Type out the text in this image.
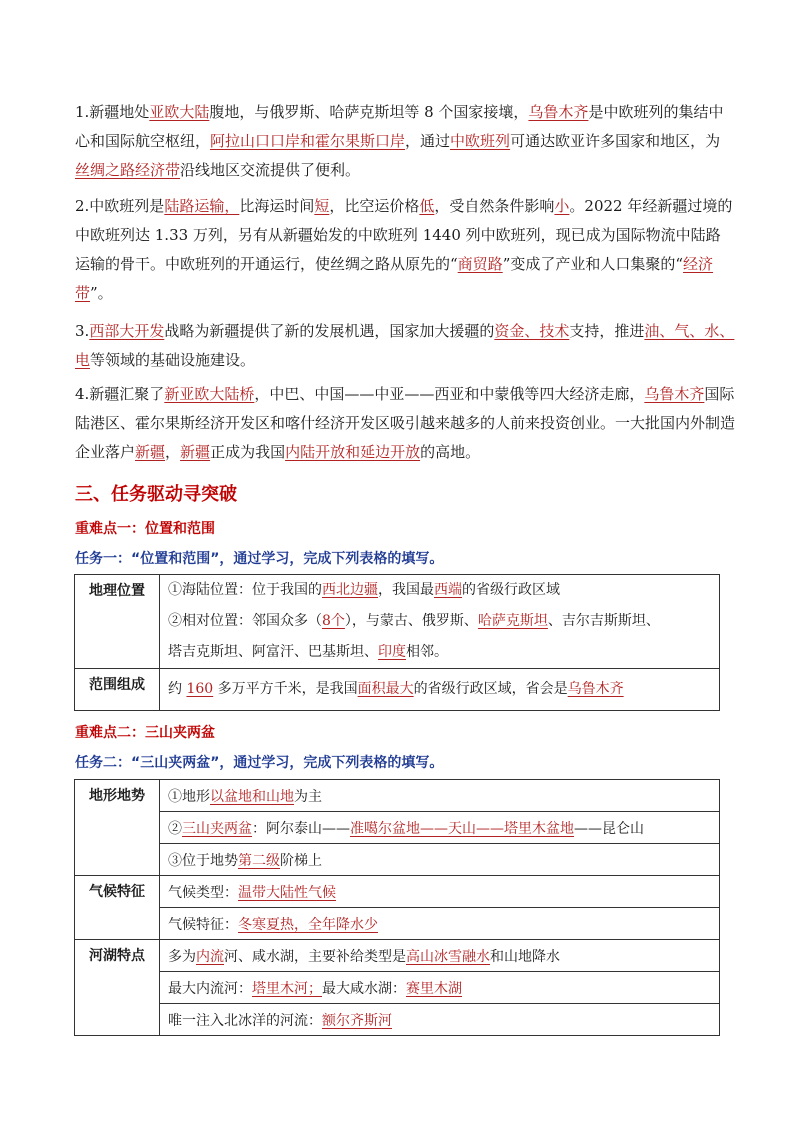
1.新疆地处亚欧大陆腹地，与俄罗斯、哈萨克斯坦等 8 个国家接壤，乌鲁木齐是中欧班列的集结中心和国际航空枢纽，阿拉山口口岸和霍尔果斯口岸，通过中欧班列可通达欧亚许多国家和地区，为丝绸之路经济带沿线地区交流提供了便利。

2.中欧班列是陆路运输，比海运时间短，比空运价格低，受自然条件影响小。2022 年经新疆过境的中欧班列达 1.33 万列，另有从新疆始发的中欧班列 1440 列中欧班列，现已成为国际物流中陆路运输的骨干。中欧班列的开通运行，使丝绸之路从原先的“商贸路”变成了产业和人口集聚的“经济带”。

3.西部大开发战略为新疆提供了新的发展机遇，国家加大援疆的资金、技术支持，推进油、气、水、电等领域的基础设施建设。

4.新疆汇聚了新亚欧大陆桥，中巴、中国——中亚——西亚和中蒙俄等四大经济走廊，乌鲁木齐国际陆港区、霍尔果斯经济开发区和喀什经济开发区吸引越来越多的人前来投资创业。一大批国内外制造企业落户新疆，新疆正成为我国内陆开放和延边开放的高地。

三、任务驱动寻突破

重难点一：位置和范围

任务一：“位置和范围”，通过学习，完成下列表格的填写。

地理位置	①海陆位置：位于我国的西北边疆，我国最西端的省级行政区域
②相对位置：邻国众多（8个），与蒙古、俄罗斯、哈萨克斯坦、吉尔吉斯斯坦、
塔吉克斯坦、阿富汗、巴基斯坦、印度相邻。

范围组成	约 160 多万平方千米，是我国面积最大的省级行政区域，省会是乌鲁木齐

重难点二：三山夹两盆

任务二：“三山夹两盆”，通过学习，完成下列表格的填写。

地形地势	①地形以盆地和山地为主
	②三山夹两盆：阿尔泰山——准噶尔盆地——天山——塔里木盆地——昆仑山
	③位于地势第二级阶梯上
气候特征	气候类型：温带大陆性气候
	气候特征：冬寒夏热，全年降水少
河湖特点	多为内流河、咸水湖，主要补给类型是高山冰雪融水和山地降水
	最大内流河：塔里木河；最大咸水湖：赛里木湖
	唯一注入北冰洋的河流：额尔齐斯河
